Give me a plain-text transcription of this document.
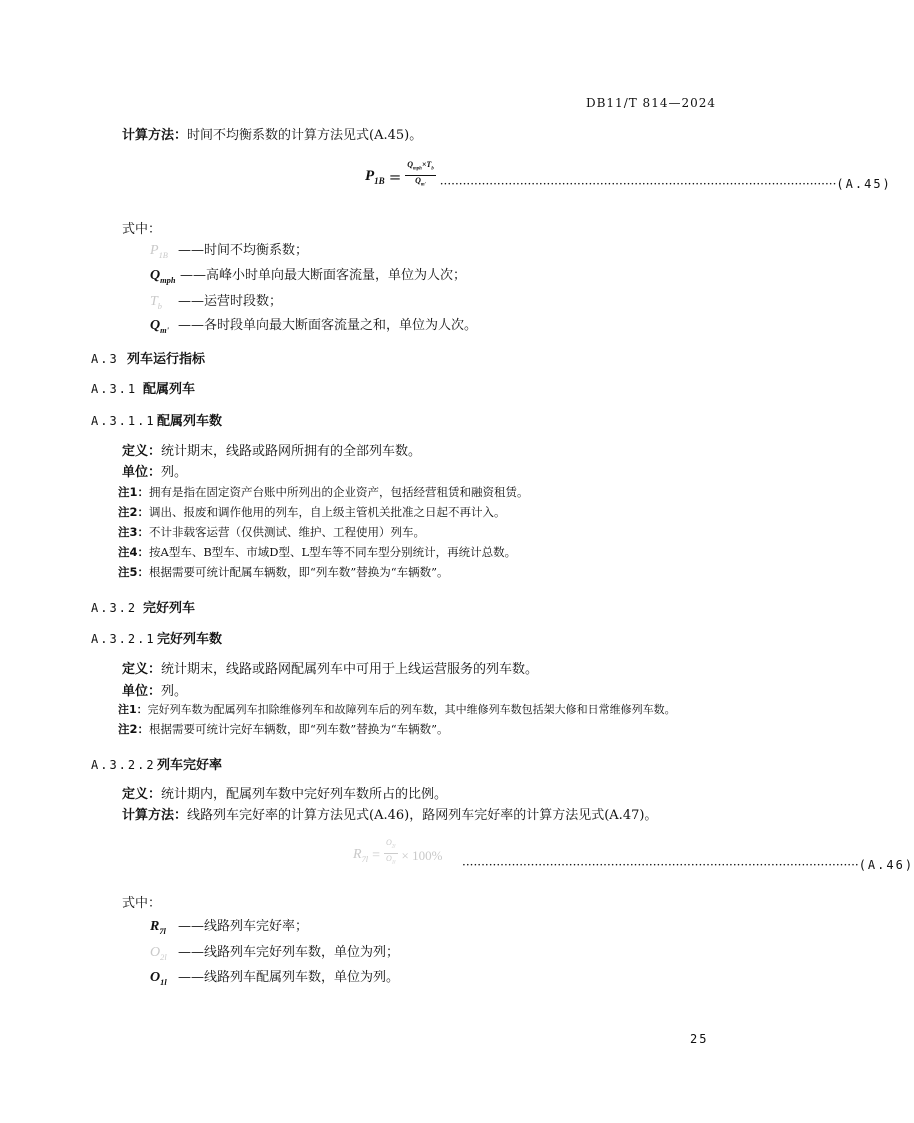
DB11/T 814—2024
计算方法：时间不均衡系数的计算方法见式(A.45)。
$P_{1B} = \frac{Q_{mph}\times T_b}{Q_{m'}}$ ········································································································ (A.45)
式中：
$P_{1B}$ ——时间不均衡系数；
$Q_{mph}$ ——高峰小时单向最大断面客流量，单位为人次；
$T_b$ ——运营时段数；
$Q_{m'}$ ——各时段单向最大断面客流量之和，单位为人次。
A.3 列车运行指标
A.3.1 配属列车
A.3.1.1配属列车数
定义：统计期末，线路或路网所拥有的全部列车数。
单位：列。
注1：拥有是指在固定资产台账中所列出的企业资产，包括经营租赁和融资租赁。
注2：调出、报废和调作他用的列车，自上级主管机关批准之日起不再计入。
注3：不计非载客运营（仅供测试、维护、工程使用）列车。
注4：按A型车、B型车、市域D型、L型车等不同车型分别统计，再统计总数。
注5：根据需要可统计配属车辆数，即“列车数”替换为“车辆数”。
A.3.2 完好列车
A.3.2.1完好列车数
定义：统计期末，线路或路网配属列车中可用于上线运营服务的列车数。
单位：列。
注1：完好列车数为配属列车扣除维修列车和故障列车后的列车数，其中维修列车数包括架大修和日常维修列车数。
注2：根据需要可统计完好车辆数，即“列车数”替换为“车辆数”。
A.3.2.2列车完好率
定义：统计期内，配属列车数中完好列车数所占的比例。
计算方法：线路列车完好率的计算方法见式(A.46)，路网列车完好率的计算方法见式(A.47)。
$R_{7l} = \frac{O_{2l}}{O_{1l}} \times 100\%$
········································································································ (A.46)
式中：
$R_{7l}$ ——线路列车完好率；
$O_{2l}$ ——线路列车完好列车数，单位为列；
$O_{1l}$ ——线路列车配属列车数，单位为列。
25
